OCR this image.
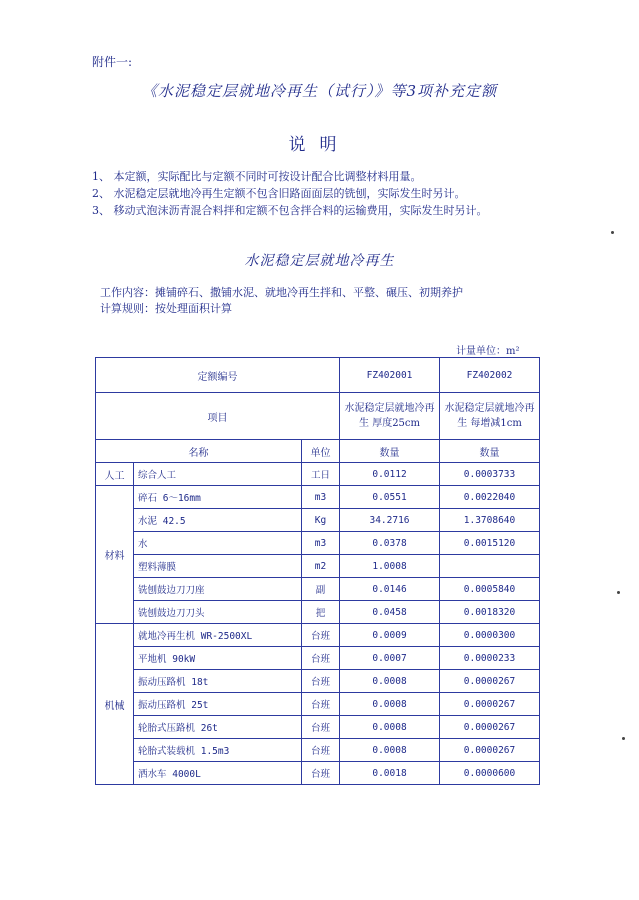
附件一:
《水泥稳定层就地冷再生（试行）》等3项补充定额
说明
1、 本定额，实际配比与定额不同时可按设计配合比调整材料用量。
2、 水泥稳定层就地冷再生定额不包含旧路面面层的铣刨，实际发生时另计。
3、 移动式泡沫沥青混合料拌和定额不包含拌合料的运输费用，实际发生时另计。
水泥稳定层就地冷再生
工作内容：摊铺碎石、撒铺水泥、就地冷再生拌和、平整、碾压、初期养护
计算规则：按处理面积计算
计量单位：m²
定额编号			FZ402001	FZ402002
项目			水泥稳定层就地冷再生 厚度25cm	水泥稳定层就地冷再生 每增减1cm
名称		单位	数量	数量
人工	综合人工	工日	0.0112	0.0003733
材料	碎石 6～16mm	m3	0.0551	0.0022040
	水泥 42.5	Kg	34.2716	1.3708640
	水	m3	0.0378	0.0015120
	塑料薄膜	m2	1.0008	
	铣刨鼓边刀刀座	副	0.0146	0.0005840
	铣刨鼓边刀刀头	把	0.0458	0.0018320
机械	就地冷再生机 WR-2500XL	台班	0.0009	0.0000300
	平地机 90kW	台班	0.0007	0.0000233
	振动压路机 18t	台班	0.0008	0.0000267
	振动压路机 25t	台班	0.0008	0.0000267
	轮胎式压路机 26t	台班	0.0008	0.0000267
	轮胎式装载机 1.5m3	台班	0.0008	0.0000267
	洒水车 4000L	台班	0.0018	0.0000600
